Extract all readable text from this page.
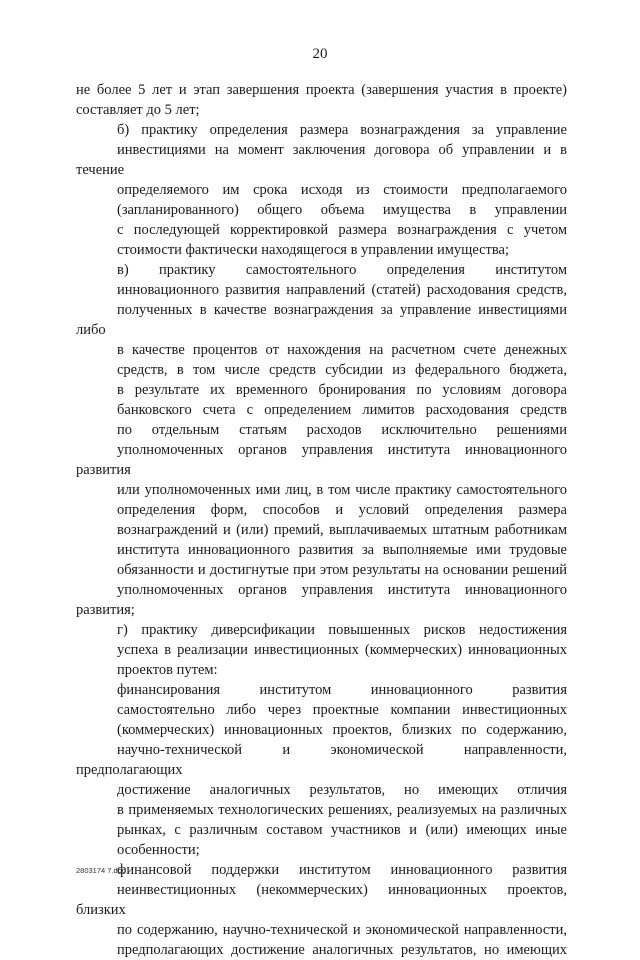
20

не более 5 лет и этап завершения проекта (завершения участия в проекте)
составляет до 5 лет;

б) практику определения размера вознаграждения за управление
инвестициями на момент заключения договора об управлении и в течение
определяемого им срока исходя из стоимости предполагаемого
(запланированного) общего объема имущества в управлении
с последующей корректировкой размера вознаграждения с учетом
стоимости фактически находящегося в управлении имущества;

в) практику самостоятельного определения институтом
инновационного развития направлений (статей) расходования средств,
полученных в качестве вознаграждения за управление инвестициями либо
в качестве процентов от нахождения на расчетном счете денежных
средств, в том числе средств субсидии из федерального бюджета,
в результате их временного бронирования по условиям договора
банковского счета с определением лимитов расходования средств
по отдельным статьям расходов исключительно решениями
уполномоченных органов управления института инновационного развития
или уполномоченных ими лиц, в том числе практику самостоятельного
определения форм, способов и условий определения размера
вознаграждений и (или) премий, выплачиваемых штатным работникам
института инновационного развития за выполняемые ими трудовые
обязанности и достигнутые при этом результаты на основании решений
уполномоченных органов управления института инновационного развития;

г) практику диверсификации повышенных рисков недостижения
успеха в реализации инвестиционных (коммерческих) инновационных
проектов путем:

финансирования институтом инновационного развития
самостоятельно либо через проектные компании инвестиционных
(коммерческих) инновационных проектов, близких по содержанию,
научно-технической и экономической направленности, предполагающих
достижение аналогичных результатов, но имеющих отличия
в применяемых технологических решениях, реализуемых на различных
рынках, с различным составом участников и (или) имеющих иные
особенности;

финансовой поддержки институтом инновационного развития
неинвестиционных (некоммерческих) инновационных проектов, близких
по содержанию, научно-технической и экономической направленности,
предполагающих достижение аналогичных результатов, но имеющих

2803174 7.doc
